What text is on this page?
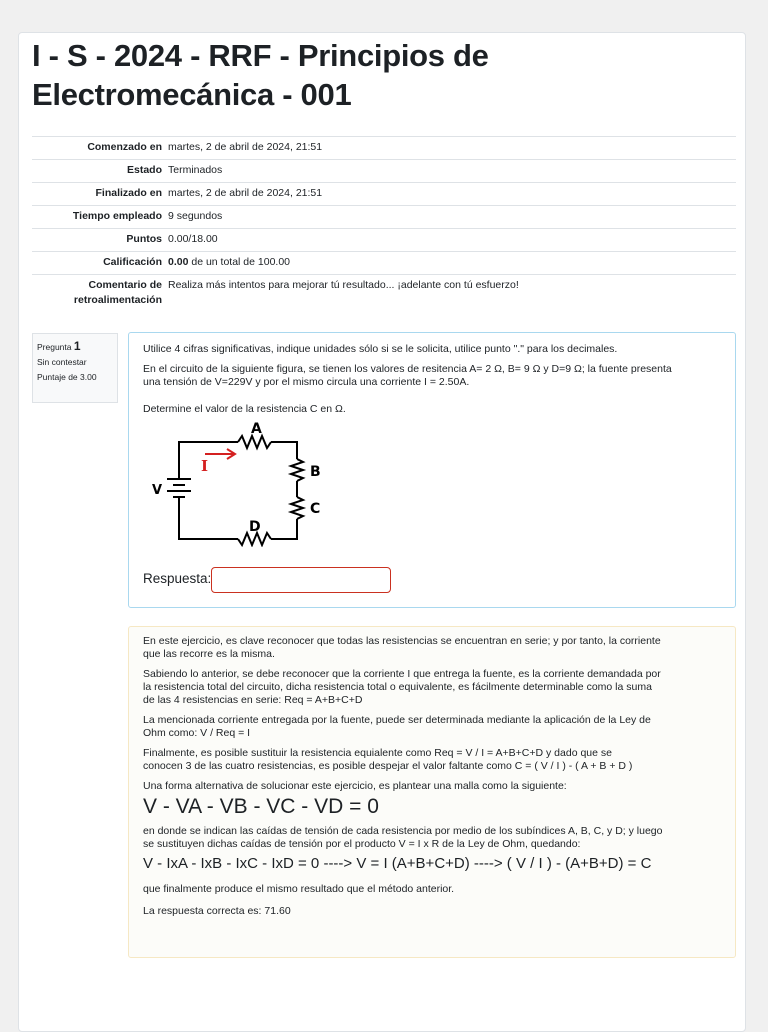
I - S - 2024 - RRF - Principios de Electromecánica - 001
Comenzado en	martes, 2 de abril de 2024, 21:51
Estado	Terminados
Finalizado en	martes, 2 de abril de 2024, 21:51
Tiempo empleado	9 segundos
Puntos	0.00/18.00
Calificación	0.00 de un total de 100.00
Comentario de
retroalimentación	Realiza más intentos para mejorar tú resultado... ¡adelante con tú esfuerzo!
Pregunta 1
Sin contestar
Puntaje de 3.00

Utilice 4 cifras significativas, indique unidades sólo si se le solicita, utilice punto "." para los decimales.

En el circuito de la siguiente figura, se tienen los valores de resitencia A= 2 Ω, B= 9 Ω y D=9 Ω; la fuente presenta

una tensión de V=229V y por el mismo circula una corriente I = 2.50A.

Determine el valor de la resistencia C en Ω.

I
A
B
C
D
V
Respuesta:

En este ejercicio, es clave reconocer que todas las resistencias se encuentran en serie; y por tanto, la corriente

que las recorre es la misma.

Sabiendo lo anterior, se debe reconocer que la corriente I que entrega la fuente, es la corriente demandada por

la resistencia total del circuito, dicha resistencia total o equivalente, es fácilmente determinable como la suma

de las 4 resistencias en serie: Req = A+B+C+D

La mencionada corriente entregada por la fuente, puede ser determinada mediante la aplicación de la Ley de

Ohm como: V / Req = I

Finalmente, es posible sustituir la resistencia equialente como Req = V / I = A+B+C+D y dado que se

conocen 3 de las cuatro resistencias, es posible despejar el valor faltante como C = ( V / I ) - ( A + B + D )

Una forma alternativa de solucionar este ejercicio, es plantear una malla como la siguiente:

V - VA - VB - VC - VD = 0

en donde se indican las caídas de tensión de cada resistencia por medio de los subíndices A, B, C, y D; y luego

se sustituyen dichas caídas de tensión por el producto V = I x R de la Ley de Ohm, quedando:

V - IxA - IxB - IxC - IxD = 0 ----> V = I (A+B+C+D) ----> ( V / I ) - (A+B+D) = C

que finalmente produce el mismo resultado que el método anterior.

La respuesta correcta es: 71.60
